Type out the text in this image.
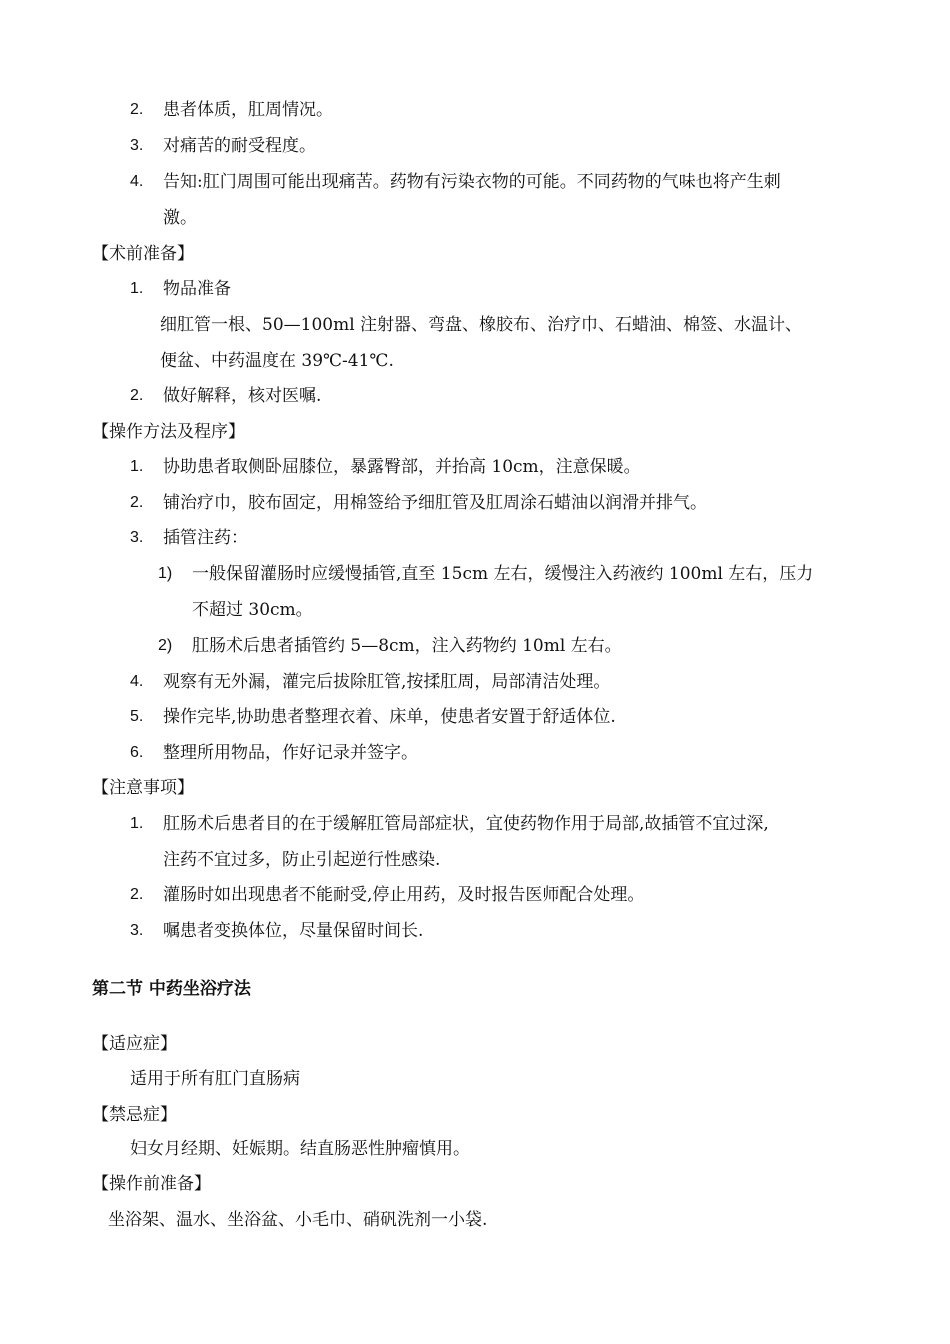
2. 患者体质，肛周情况。
3. 对痛苦的耐受程度。
4. 告知:肛门周围可能出现痛苦。药物有污染衣物的可能。不同药物的气味也将产生刺
激。
【术前准备】
1. 物品准备
细肛管一根、50—100ml 注射器、弯盘、橡胶布、治疗巾、石蜡油、棉签、水温计、
便盆、中药温度在 39℃-41℃.
2. 做好解释，核对医嘱.
【操作方法及程序】
1. 协助患者取侧卧屈膝位，暴露臀部，并抬高 10cm，注意保暖。
2. 铺治疗巾，胶布固定，用棉签给予细肛管及肛周涂石蜡油以润滑并排气。
3. 插管注药：
1) 一般保留灌肠时应缓慢插管,直至 15cm 左右，缓慢注入药液约 100ml 左右，压力
不超过 30cm。
2) 肛肠术后患者插管约 5—8cm，注入药物约 10ml 左右。
4. 观察有无外漏，灌完后拔除肛管,按揉肛周，局部清洁处理。
5. 操作完毕,协助患者整理衣着、床单，使患者安置于舒适体位.
6. 整理所用物品，作好记录并签字。
【注意事项】
1. 肛肠术后患者目的在于缓解肛管局部症状，宜使药物作用于局部,故插管不宜过深,
注药不宜过多，防止引起逆行性感染.
2. 灌肠时如出现患者不能耐受,停止用药，及时报告医师配合处理。
3. 嘱患者变换体位，尽量保留时间长.
第二节 中药坐浴疗法
【适应症】
适用于所有肛门直肠病
【禁忌症】
妇女月经期、妊娠期。结直肠恶性肿瘤慎用。
【操作前准备】
坐浴架、温水、坐浴盆、小毛巾、硝矾洗剂一小袋.
